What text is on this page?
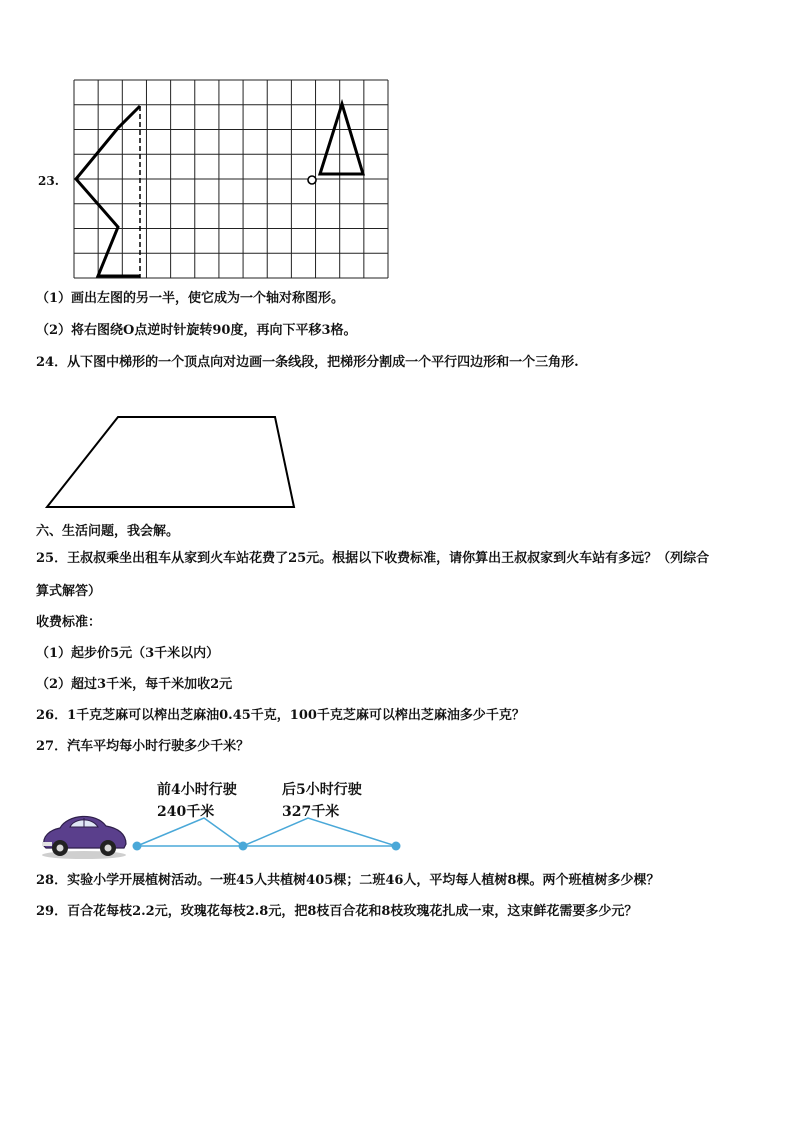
23.
（1）画出左图的另一半，使它成为一个轴对称图形。
（2）将右图绕O点逆时针旋转90度，再向下平移3格。
24．从下图中梯形的一个顶点向对边画一条线段，把梯形分割成一个平行四边形和一个三角形.
六、生活问题，我会解。
25．王叔叔乘坐出租车从家到火车站花费了25元。根据以下收费标准，请你算出王叔叔家到火车站有多远？（列综合
算式解答）
收费标准：
（1）起步价5元（3千米以内）
（2）超过3千米，每千米加收2元
26．1千克芝麻可以榨出芝麻油0.45千克，100千克芝麻可以榨出芝麻油多少千克？
27．汽车平均每小时行驶多少千米？
前4小时行驶
240千米
后5小时行驶
327千米
28．实验小学开展植树活动。一班45人共植树405棵；二班46人，平均每人植树8棵。两个班植树多少棵？
29．百合花每枝2.2元，玫瑰花每枝2.8元，把8枝百合花和8枝玫瑰花扎成一束，这束鲜花需要多少元？
